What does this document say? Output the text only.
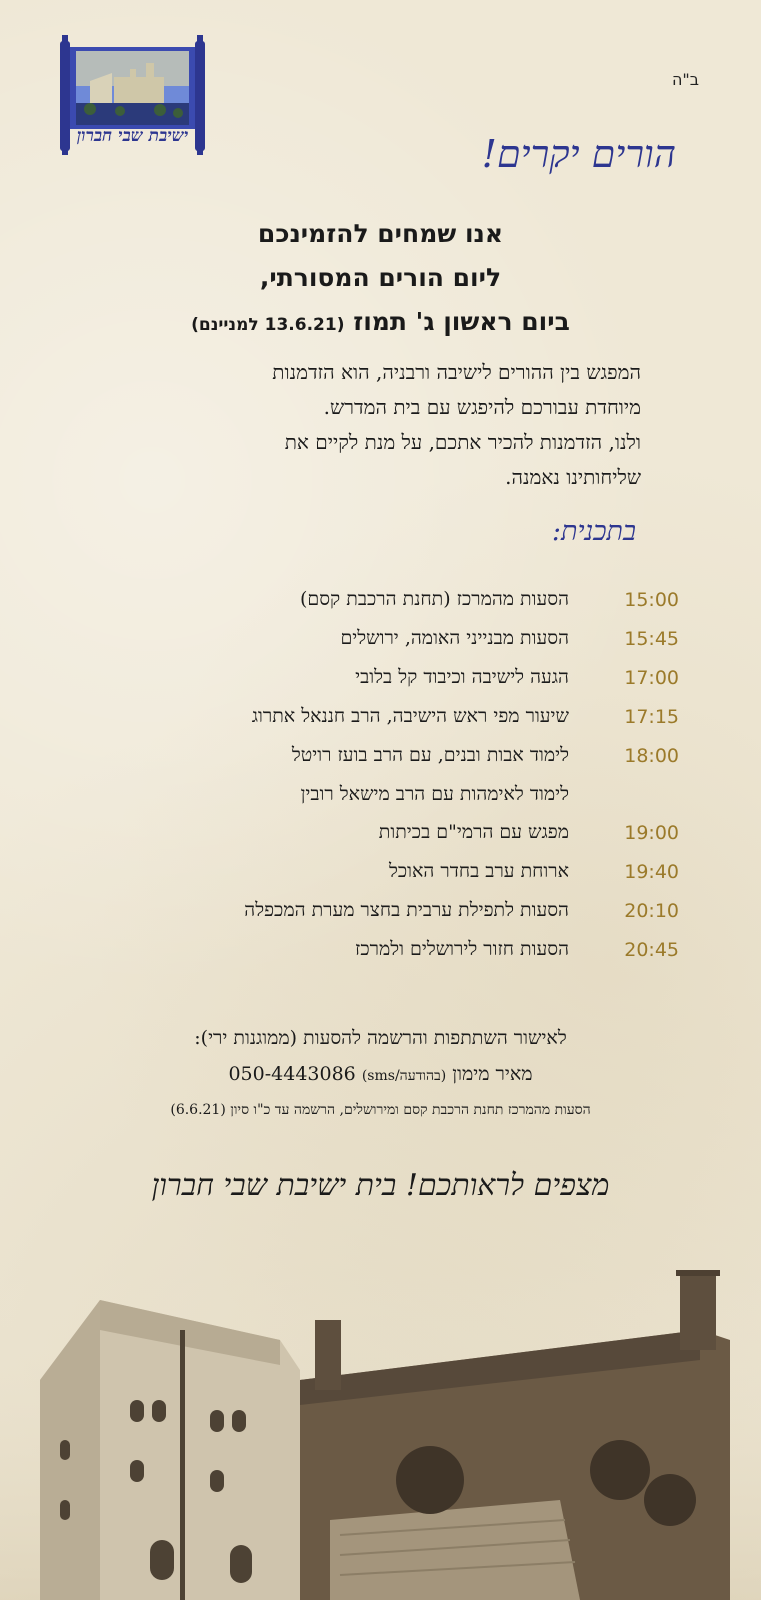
ב"ה
ישיבת שבי חברון	הורים יקרים!
אנו שמחים להזמינכם
ליום הורים המסורתי,
ביום ראשון ג' תמוז (13.6.21 למניינם)
המפגש בין ההורים לישיבה ורבניה, הוא הזדמנות
מיוחדת עבורכם להיפגש עם בית המדרש.
ולנו, הזדמנות להכיר אתכם, על מנת לקיים את
שליחותינו נאמנה.
בתכנית:
15:00
הסעות מהמרכז (תחנת הרכבת קסם)
15:45
הסעות מבנייני האומה, ירושלים
17:00
הגעה לישיבה וכיבוד קל בלובי
17:15
שיעור מפי ראש הישיבה, הרב חננאל אתרוג
18:00
לימוד אבות ובנים, עם הרב בועז רויטל
לימוד לאימהות עם הרב מישאל רובין
19:00
מפגש עם הרמי"ם בכיתות
19:40
ארוחת ערב בחדר האוכל
20:10
הסעות לתפילת ערבית בחצר מערת המכפלה
20:45
הסעות חזור לירושלים ולמרכז
לאישור השתתפות והרשמה להסעות (ממוגנות ירי):
מאיר מימון (בהודעה/sms) 050-4443086
הסעות מהמרכז תחנת הרכבת קסם ומירושלים, הרשמה עד כ"ו סיון (6.6.21)
מצפים לראותכם! בית ישיבת שבי חברון
